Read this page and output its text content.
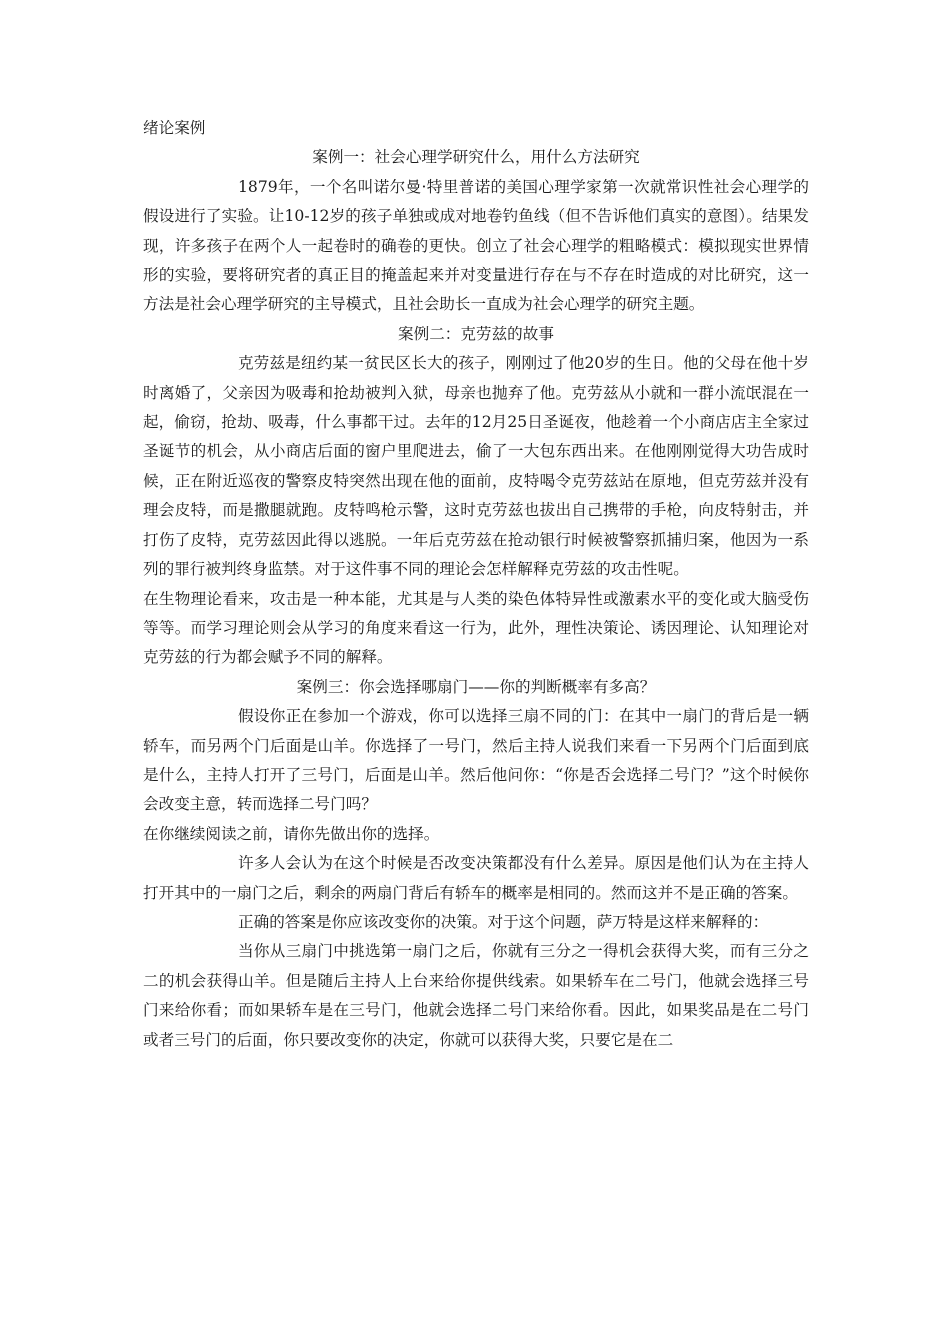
绪论案例

案例一：社会心理学研究什么，用什么方法研究

1879年，一个名叫诺尔曼·特里普诺的美国心理学家第一次就常识性社会心理学的假设进行了实验。让10-12岁的孩子单独或成对地卷钓鱼线（但不告诉他们真实的意图）。结果发现，许多孩子在两个人一起卷时的确卷的更快。创立了社会心理学的粗略模式：模拟现实世界情形的实验，要将研究者的真正目的掩盖起来并对变量进行存在与不存在时造成的对比研究，这一方法是社会心理学研究的主导模式，且社会助长一直成为社会心理学的研究主题。

案例二：克劳兹的故事

克劳兹是纽约某一贫民区长大的孩子，刚刚过了他20岁的生日。他的父母在他十岁时离婚了，父亲因为吸毒和抢劫被判入狱，母亲也抛弃了他。克劳兹从小就和一群小流氓混在一起，偷窃，抢劫、吸毒，什么事都干过。去年的12月25日圣诞夜，他趁着一个小商店店主全家过圣诞节的机会，从小商店后面的窗户里爬进去，偷了一大包东西出来。在他刚刚觉得大功告成时候，正在附近巡夜的警察皮特突然出现在他的面前，皮特喝令克劳兹站在原地，但克劳兹并没有理会皮特，而是撒腿就跑。皮特鸣枪示警，这时克劳兹也拔出自己携带的手枪，向皮特射击，并打伤了皮特，克劳兹因此得以逃脱。一年后克劳兹在抢动银行时候被警察抓捕归案，他因为一系列的罪行被判终身监禁。对于这件事不同的理论会怎样解释克劳兹的攻击性呢。

在生物理论看来，攻击是一种本能，尤其是与人类的染色体特异性或激素水平的变化或大脑受伤等等。而学习理论则会从学习的角度来看这一行为，此外，理性决策论、诱因理论、认知理论对克劳兹的行为都会赋予不同的解释。

案例三：你会选择哪扇门——你的判断概率有多高？

假设你正在参加一个游戏，你可以选择三扇不同的门：在其中一扇门的背后是一辆轿车，而另两个门后面是山羊。你选择了一号门，然后主持人说我们来看一下另两个门后面到底是什么，主持人打开了三号门，后面是山羊。然后他问你：“你是否会选择二号门？”这个时候你会改变主意，转而选择二号门吗？

在你继续阅读之前，请你先做出你的选择。

许多人会认为在这个时候是否改变决策都没有什么差异。原因是他们认为在主持人打开其中的一扇门之后，剩余的两扇门背后有轿车的概率是相同的。然而这并不是正确的答案。

正确的答案是你应该改变你的决策。对于这个问题，萨万特是这样来解释的：

当你从三扇门中挑选第一扇门之后，你就有三分之一得机会获得大奖，而有三分之二的机会获得山羊。但是随后主持人上台来给你提供线索。如果轿车在二号门，他就会选择三号门来给你看；而如果轿车是在三号门，他就会选择二号门来给你看。因此，如果奖品是在二号门或者三号门的后面，你只要改变你的决定，你就可以获得大奖，只要它是在二
